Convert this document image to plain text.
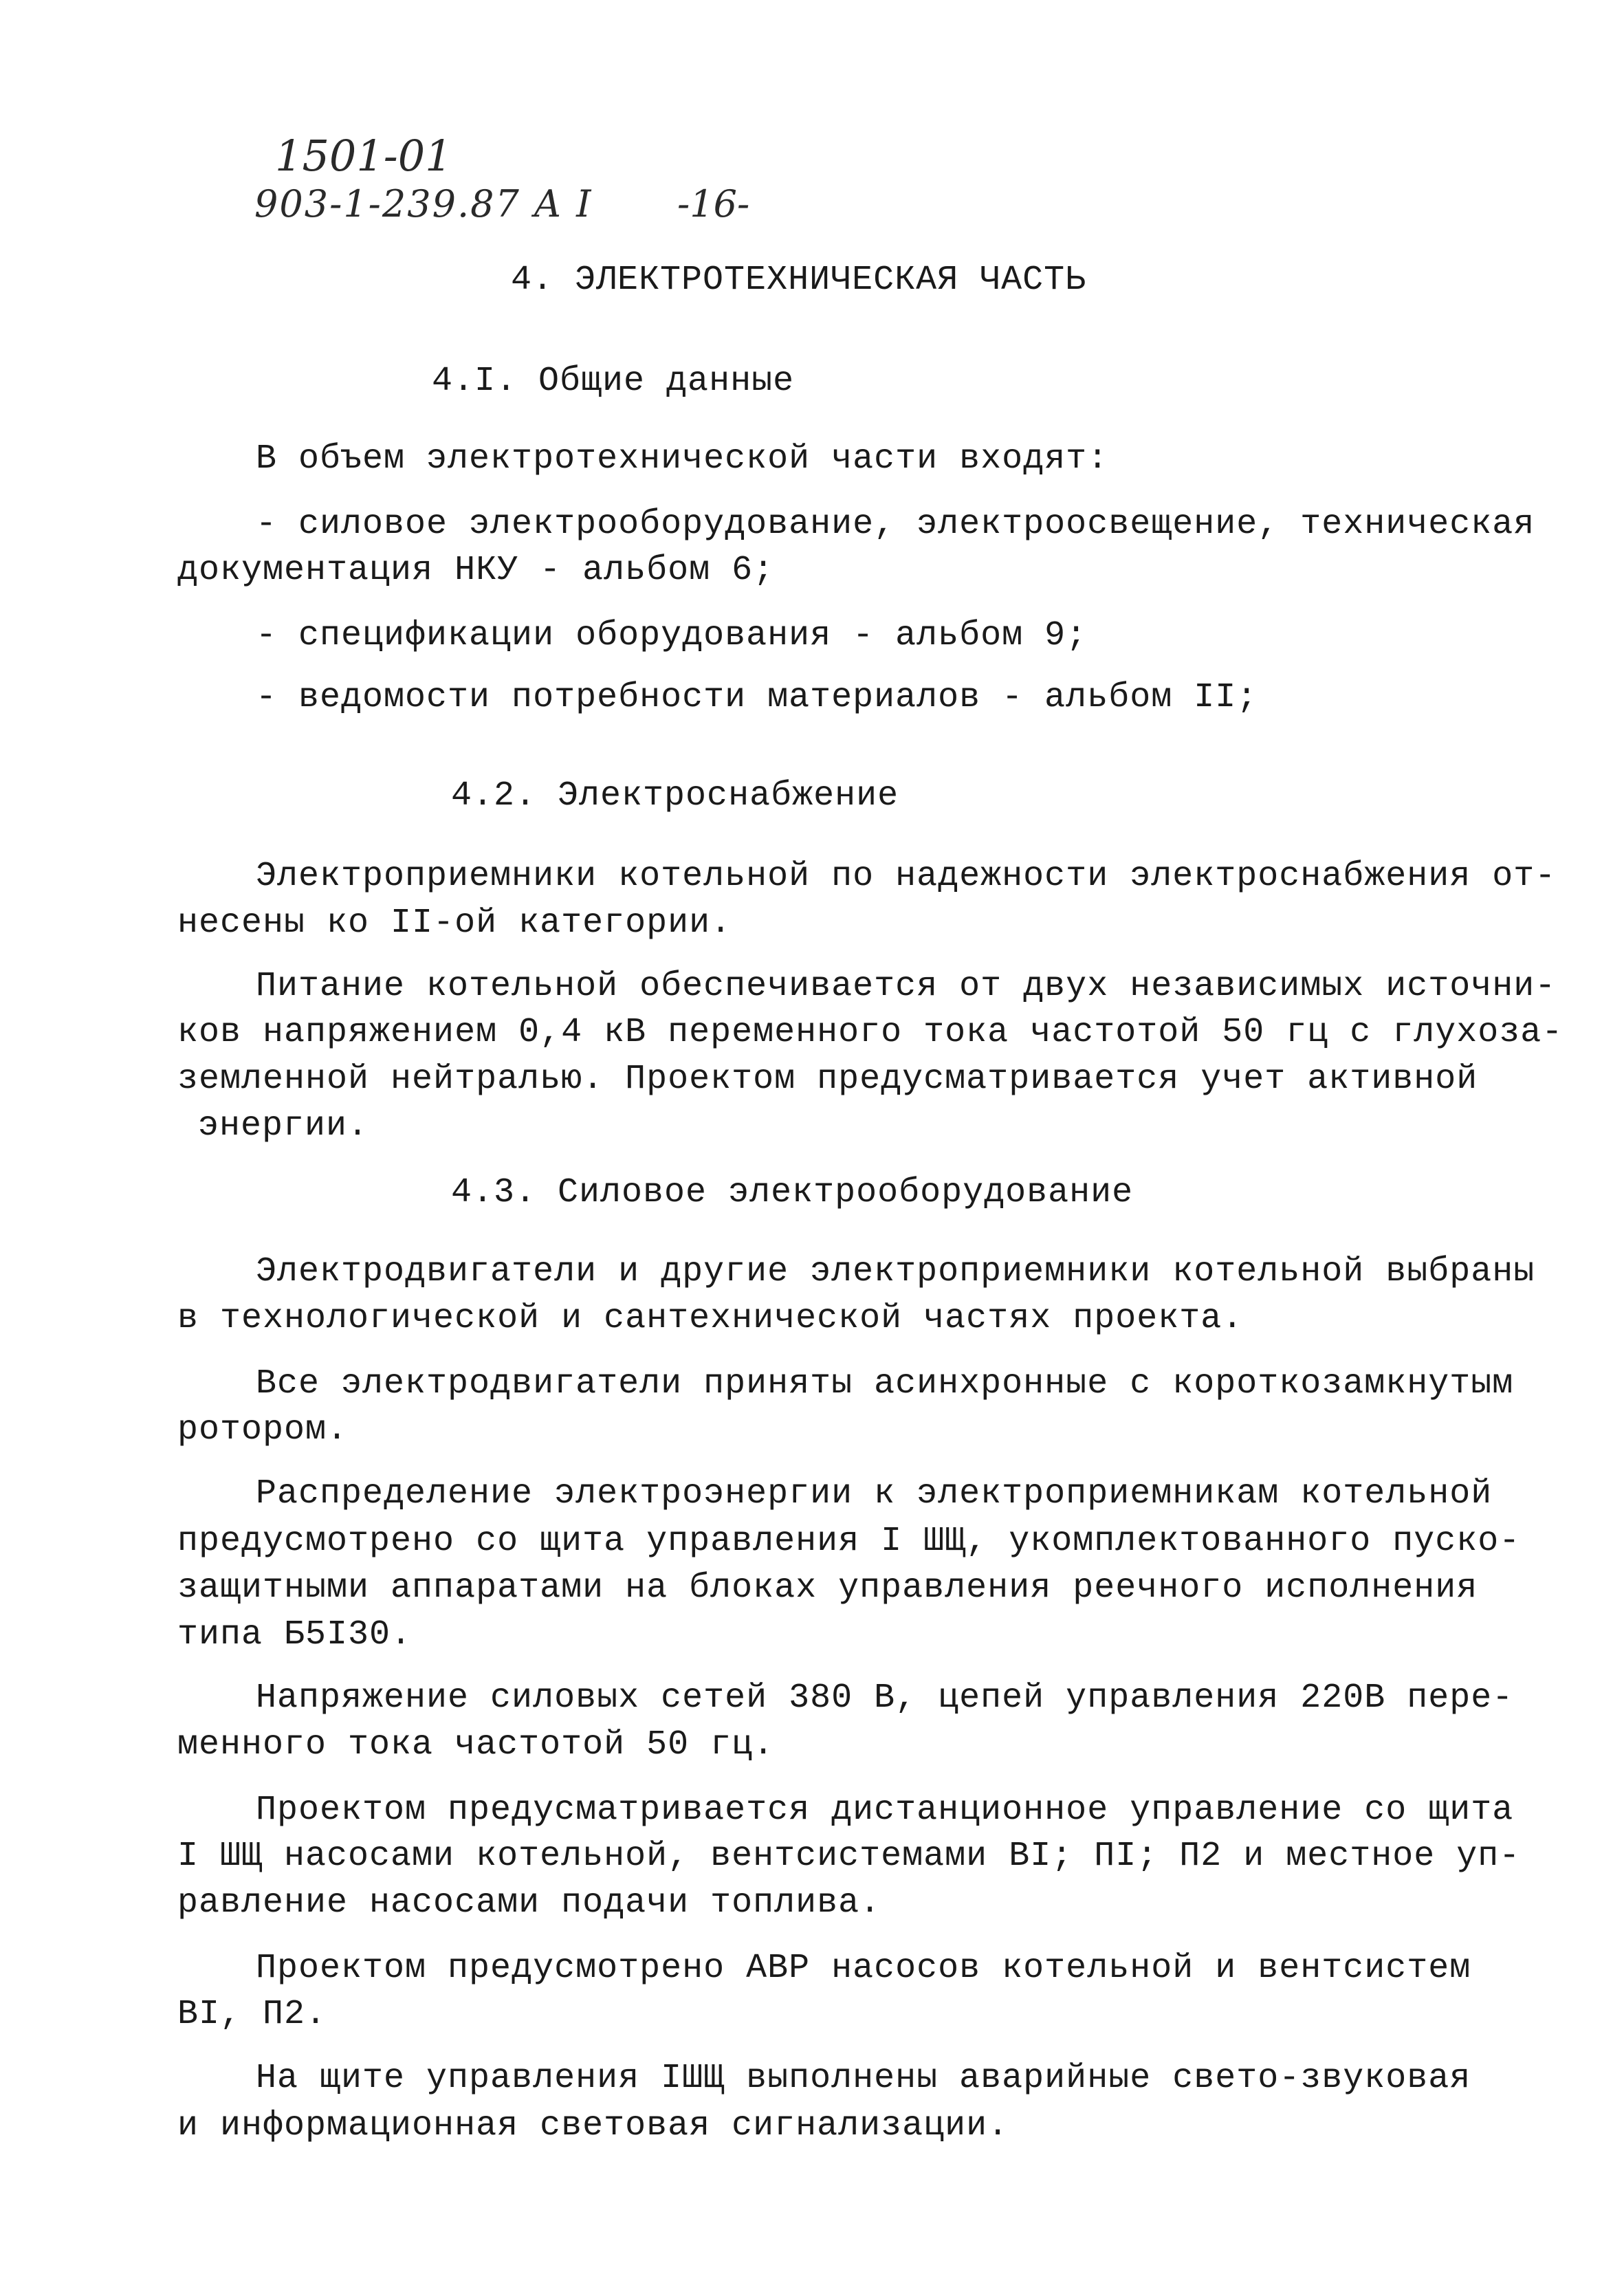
1501-01
903-1-239.87 А I -16-
4. ЭЛЕКТРОТЕХНИЧЕСКАЯ ЧАСТЬ
4.I. Общие данные
В объем электротехнической части входят:
- силовое электрооборудование, электроосвещение, техническая
документация НКУ - альбом 6;
- спецификации оборудования - альбом 9;
- ведомости потребности материалов - альбом II;
4.2. Электроснабжение
Электроприемники котельной по надежности электроснабжения от-
несены ко II-ой категории.
Питание котельной обеспечивается от двух независимых источни-
ков напряжением 0,4 кВ переменного тока частотой 50 гц с глухоза-
земленной нейтралью. Проектом предусматривается учет активной
энергии.
4.3. Силовое электрооборудование
Электродвигатели и другие электроприемники котельной выбраны
в технологической и сантехнической частях проекта.
Все электродвигатели приняты асинхронные с короткозамкнутым
ротором.
Распределение электроэнергии к электроприемникам котельной
предусмотрено со щита управления I ШЩ, укомплектованного пуско-
защитными аппаратами на блоках управления реечного исполнения
типа Б5I30.
Напряжение силовых сетей 380 В, цепей управления 220В пере-
менного тока частотой 50 гц.
Проектом предусматривается дистанционное управление со щита
I ШЩ насосами котельной, вентсистемами ВI; ПI; П2 и местное уп-
равление насосами подачи топлива.
Проектом предусмотрено АВР насосов котельной и вентсистем
ВI, П2.
На щите управления IШЩ выполнены аварийные свето-звуковая
и информационная световая сигнализации.
